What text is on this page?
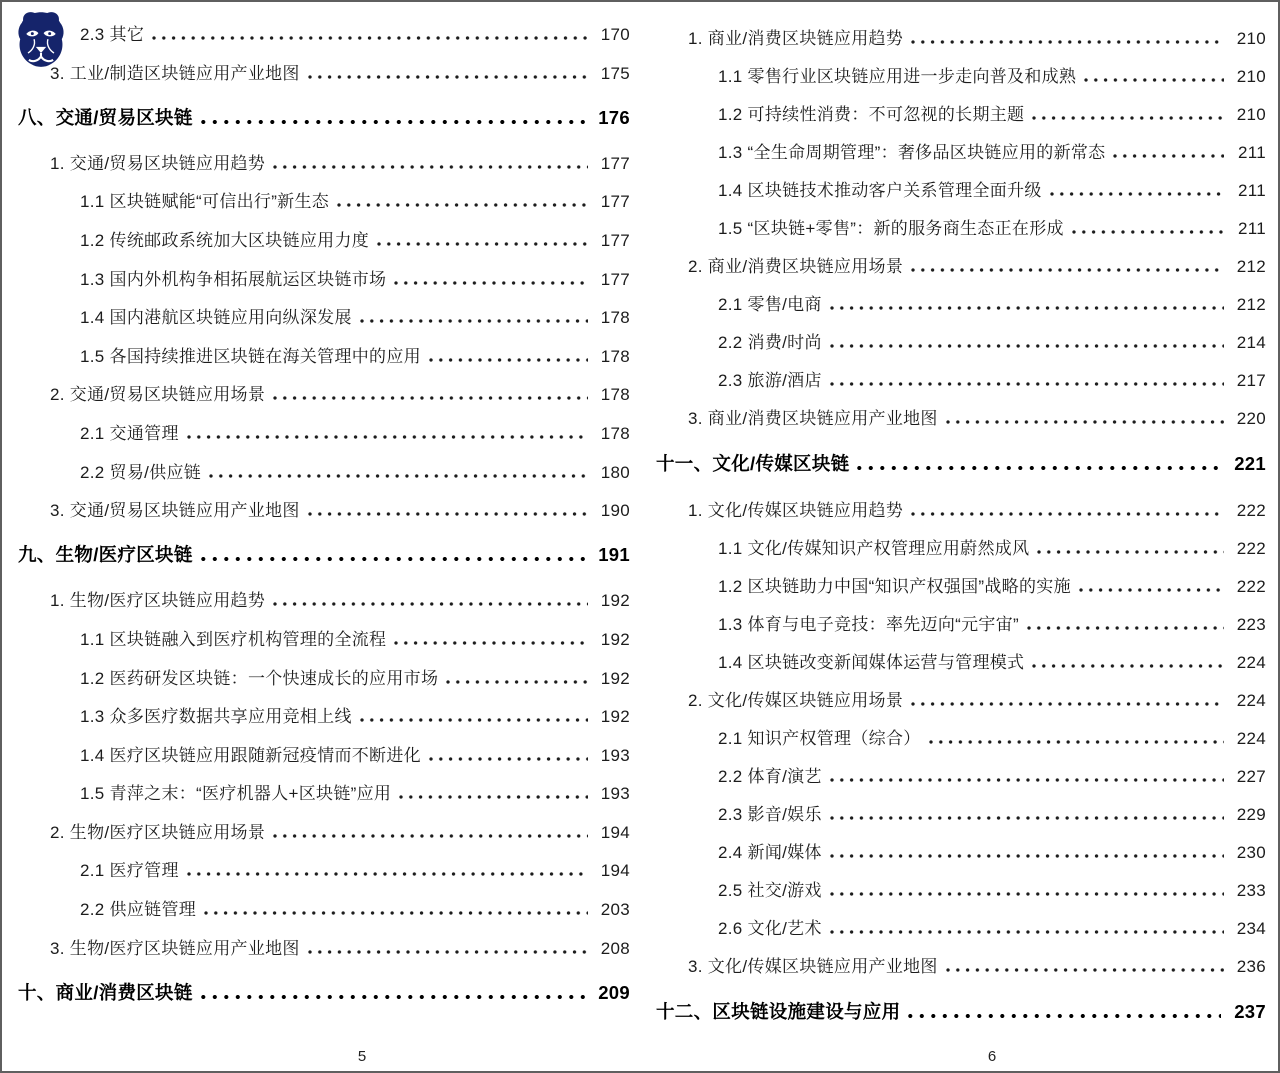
2.3 其它	170
3. 工业/制造区块链应用产业地图	175
八、交通/贸易区块链	176
1. 交通/贸易区块链应用趋势	177
1.1 区块链赋能“可信出行”新生态	177
1.2 传统邮政系统加大区块链应用力度	177
1.3 国内外机构争相拓展航运区块链市场	177
1.4 国内港航区块链应用向纵深发展	178
1.5 各国持续推进区块链在海关管理中的应用	178
2. 交通/贸易区块链应用场景	178
2.1 交通管理	178
2.2 贸易/供应链	180
3. 交通/贸易区块链应用产业地图	190
九、生物/医疗区块链	191
1. 生物/医疗区块链应用趋势	192
1.1 区块链融入到医疗机构管理的全流程	192
1.2 医药研发区块链：一个快速成长的应用市场	192
1.3 众多医疗数据共享应用竞相上线	192
1.4 医疗区块链应用跟随新冠疫情而不断进化	193
1.5 青萍之末：“医疗机器人+区块链”应用	193
2. 生物/医疗区块链应用场景	194
2.1 医疗管理	194
2.2 供应链管理	203
3. 生物/医疗区块链应用产业地图	208
十、商业/消费区块链	209
1. 商业/消费区块链应用趋势	210
1.1 零售行业区块链应用进一步走向普及和成熟	210
1.2 可持续性消费：不可忽视的长期主题	210
1.3 “全生命周期管理”：奢侈品区块链应用的新常态	211
1.4 区块链技术推动客户关系管理全面升级	211
1.5 “区块链+零售”：新的服务商生态正在形成	211
2. 商业/消费区块链应用场景	212
2.1 零售/电商	212
2.2 消费/时尚	214
2.3 旅游/酒店	217
3. 商业/消费区块链应用产业地图	220
十一、文化/传媒区块链	221
1. 文化/传媒区块链应用趋势	222
1.1 文化/传媒知识产权管理应用蔚然成风	222
1.2 区块链助力中国“知识产权强国”战略的实施	222
1.3 体育与电子竞技：率先迈向“元宇宙”	223
1.4 区块链改变新闻媒体运营与管理模式	224
2. 文化/传媒区块链应用场景	224
2.1 知识产权管理（综合）	224
2.2 体育/演艺	227
2.3 影音/娱乐	229
2.4 新闻/媒体	230
2.5 社交/游戏	233
2.6 文化/艺术	234
3. 文化/传媒区块链应用产业地图	236
十二、区块链设施建设与应用	237
5	6
